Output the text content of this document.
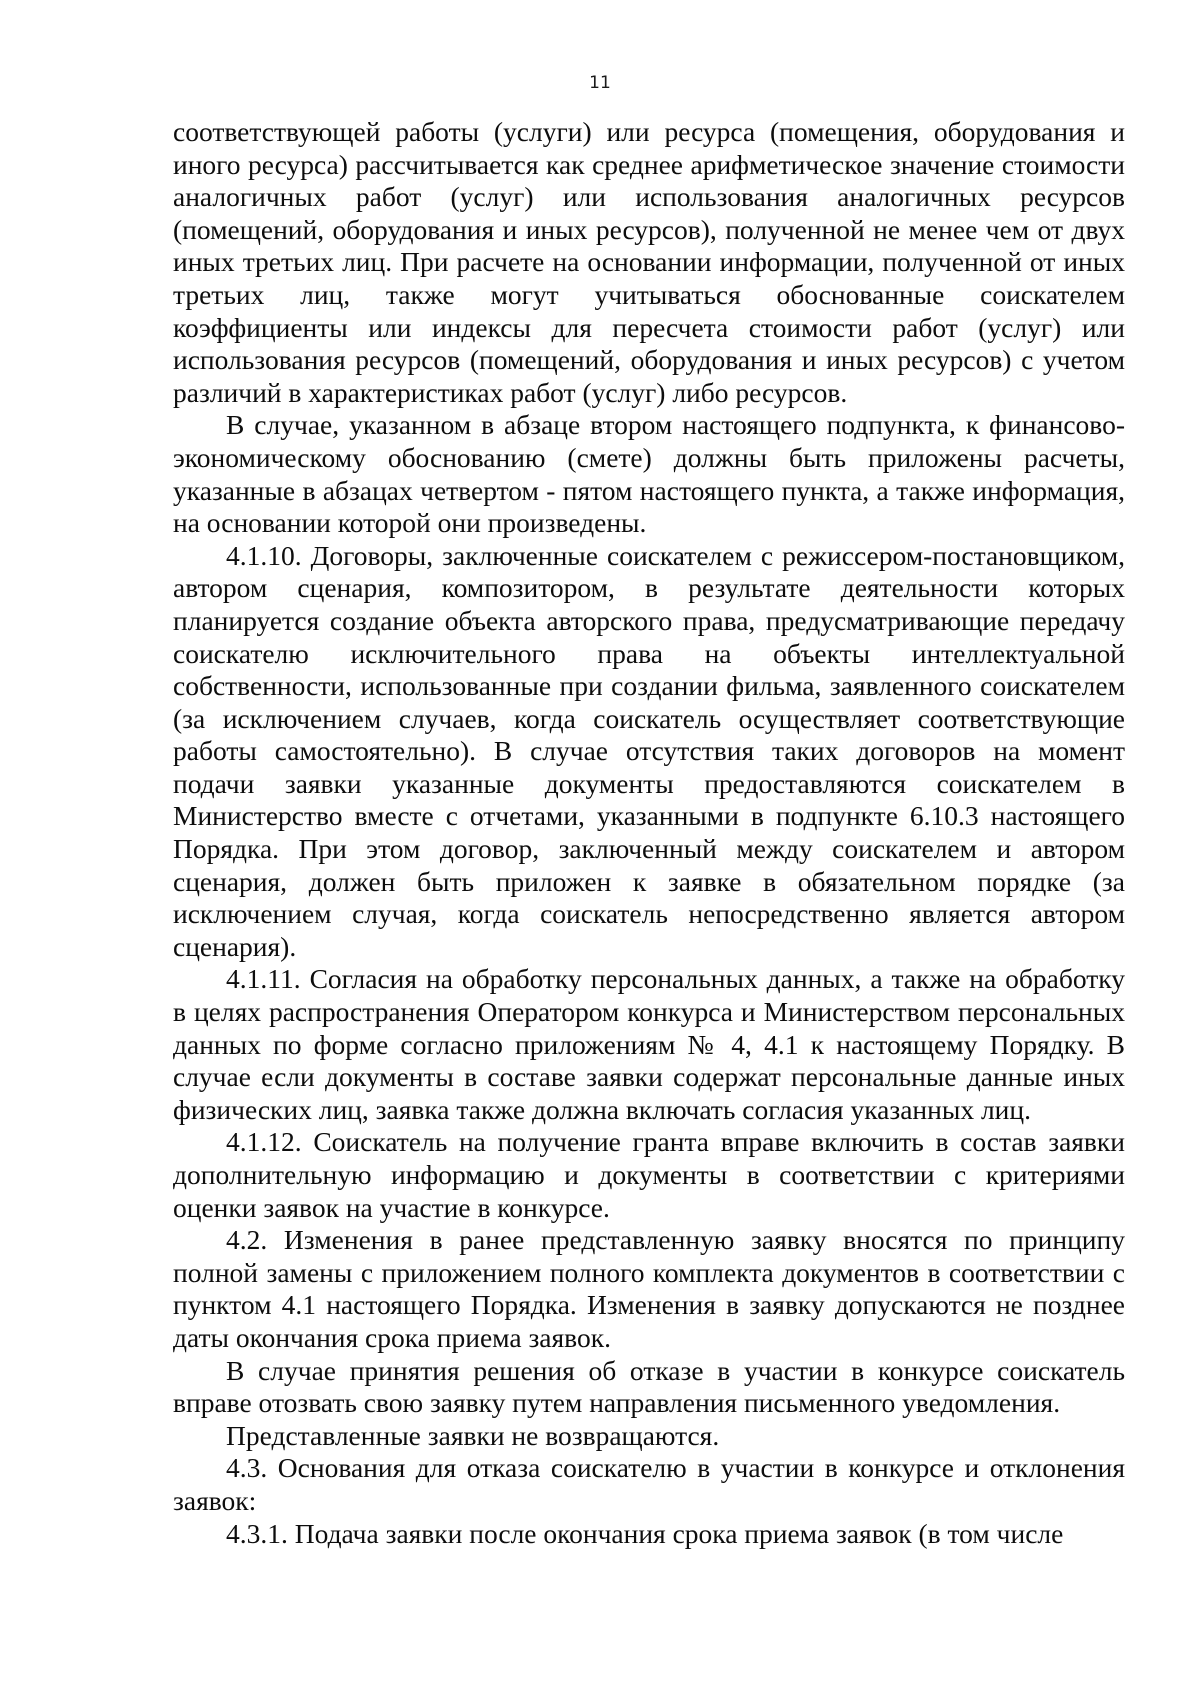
11

соответствующей работы (услуги) или ресурса (помещения, оборудования и иного ресурса) рассчитывается как среднее арифметическое значение стоимости аналогичных работ (услуг) или использования аналогичных ресурсов (помещений, оборудования и иных ресурсов), полученной не менее чем от двух иных третьих лиц. При расчете на основании информации, полученной от иных третьих лиц, также могут учитываться обоснованные соискателем коэффициенты или индексы для пересчета стоимости работ (услуг) или использования ресурсов (помещений, оборудования и иных ресурсов) с учетом различий в характеристиках работ (услуг) либо ресурсов.

В случае, указанном в абзаце втором настоящего подпункта, к финансово-экономическому обоснованию (смете) должны быть приложены расчеты, указанные в абзацах четвертом - пятом настоящего пункта, а также информация, на основании которой они произведены.

4.1.10. Договоры, заключенные соискателем с режиссером-постановщиком, автором сценария, композитором, в результате деятельности которых планируется создание объекта авторского права, предусматривающие передачу соискателю исключительного права на объекты интеллектуальной собственности, использованные при создании фильма, заявленного соискателем (за исключением случаев, когда соискатель осуществляет соответствующие работы самостоятельно). В случае отсутствия таких договоров на момент подачи заявки указанные документы предоставляются соискателем в Министерство вместе с отчетами, указанными в подпункте 6.10.3 настоящего Порядка. При этом договор, заключенный между соискателем и автором сценария, должен быть приложен к заявке в обязательном порядке (за исключением случая, когда соискатель непосредственно является автором сценария).

4.1.11. Согласия на обработку персональных данных, а также на обработку в целях распространения Оператором конкурса и Министерством персональных данных по форме согласно приложениям № 4, 4.1 к настоящему Порядку. В случае если документы в составе заявки содержат персональные данные иных физических лиц, заявка также должна включать согласия указанных лиц.

4.1.12. Соискатель на получение гранта вправе включить в состав заявки дополнительную информацию и документы в соответствии с критериями оценки заявок на участие в конкурсе.

4.2. Изменения в ранее представленную заявку вносятся по принципу полной замены с приложением полного комплекта документов в соответствии с пунктом 4.1 настоящего Порядка. Изменения в заявку допускаются не позднее даты окончания срока приема заявок.

В случае принятия решения об отказе в участии в конкурсе соискатель вправе отозвать свою заявку путем направления письменного уведомления.

Представленные заявки не возвращаются.

4.3. Основания для отказа соискателю в участии в конкурсе и отклонения заявок:

4.3.1. Подача заявки после окончания срока приема заявок (в том числе
